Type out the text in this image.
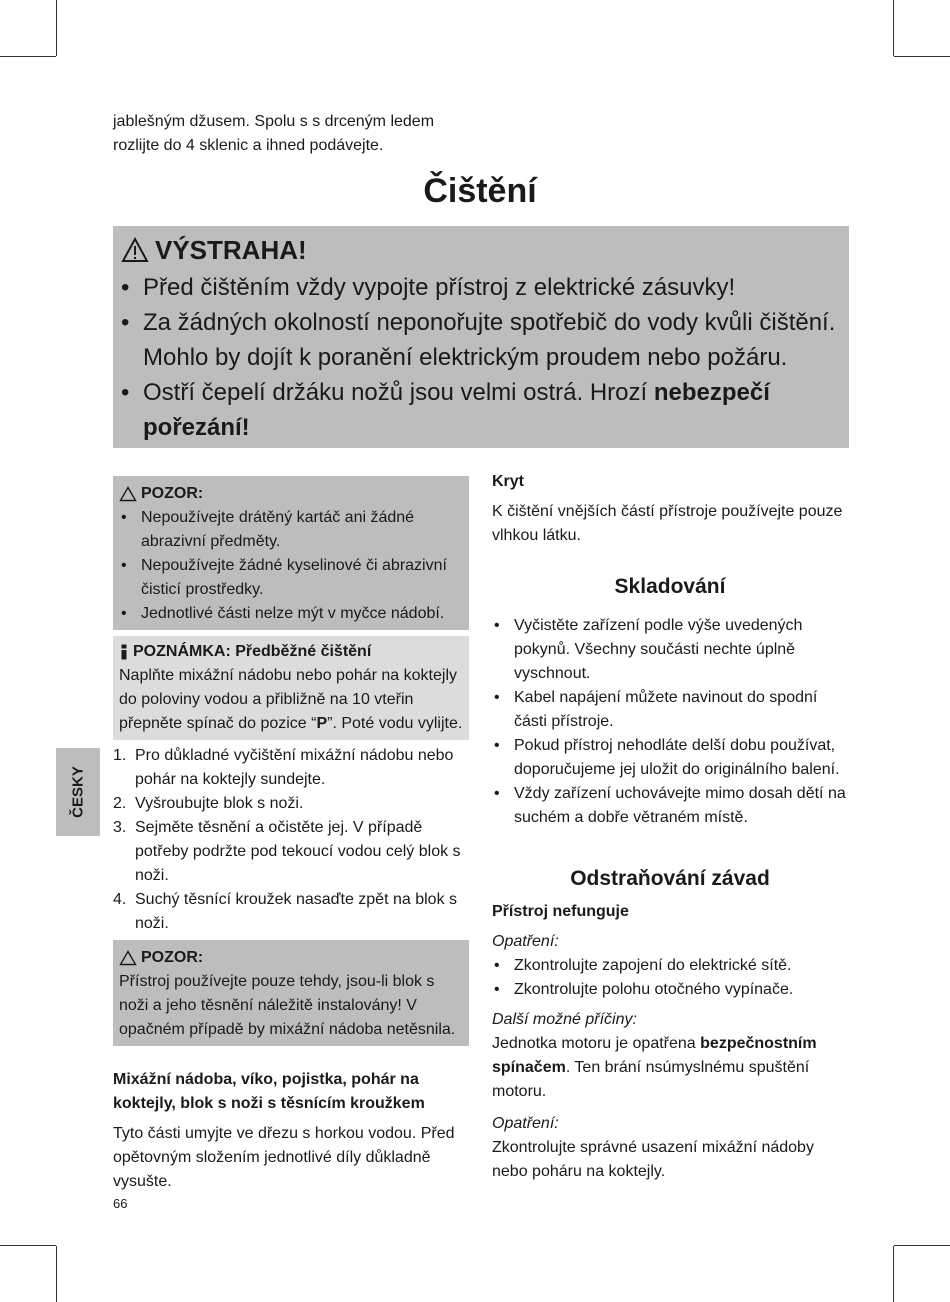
jablešným džusem. Spolu s s drceným ledem
rozlijte do 4 sklenic a ihned podávejte.
Čištění
VÝSTRAHA!
• Před čištěním vždy vypojte přístroj z elektrické zásuvky!
• Za žádných okolností neponořujte spotřebič do vody kvůli čištění. Mohlo by dojít k poranění elektrickým proudem nebo požáru.
• Ostří čepelí držáku nožů jsou velmi ostrá. Hrozí nebezpečí pořezání!
ČESKY
POZOR:
• Nepoužívejte drátěný kartáč ani žádné abrazivní předměty.
• Nepoužívejte žádné kyselinové či abrazivní čisticí prostředky.
• Jednotlivé části nelze mýt v myčce nádobí.
POZNÁMKA: Předběžné čištění

Naplňte mixážní nádobu nebo pohár na koktejly do poloviny vodou a přibližně na 10 vteřin přepněte spínač do pozice “P”. Poté vodu vylijte.

1. Pro důkladné vyčištění mixážní nádobu nebo pohár na koktejly sundejte.
2. Vyšroubujte blok s noži.
3. Sejměte těsnění a očistěte jej. V případě potřeby podržte pod tekoucí vodou celý blok s noži.
4. Suchý těsnící kroužek nasaďte zpět na blok s noži.
POZOR:

Přístroj používejte pouze tehdy, jsou-li blok s noži a jeho těsnění náležitě instalovány! V opačném případě by mixážní nádoba netěsnila.

Mixážní nádoba, víko, pojistka, pohár na koktejly, blok s noži s těsnícím kroužkem

Tyto části umyjte ve dřezu s horkou vodou. Před opětovným složením jednotlivé díly důkladně vysušte.

Kryt

K čištění vnějších částí přístroje používejte pouze vlhkou látku.

Skladování
• Vyčistěte zařízení podle výše uvedených pokynů. Všechny součásti nechte úplně vyschnout.
• Kabel napájení můžete navinout do spodní části přístroje.
• Pokud přístroj nehodláte delší dobu používat, doporučujeme jej uložit do originálního balení.
• Vždy zařízení uchovávejte mimo dosah dětí na suchém a dobře větraném místě.
Odstraňování závad
Přístroj nefunguje

Opatření:

• Zkontrolujte zapojení do elektrické sítě.
• Zkontrolujte polohu otočného vypínače.

Další možné příčiny:

Jednotka motoru je opatřena bezpečnostním spínačem. Ten brání nsúmyslnému spuštění motoru.

Opatření:

Zkontrolujte správné usazení mixážní nádoby nebo poháru na koktejly.

66
